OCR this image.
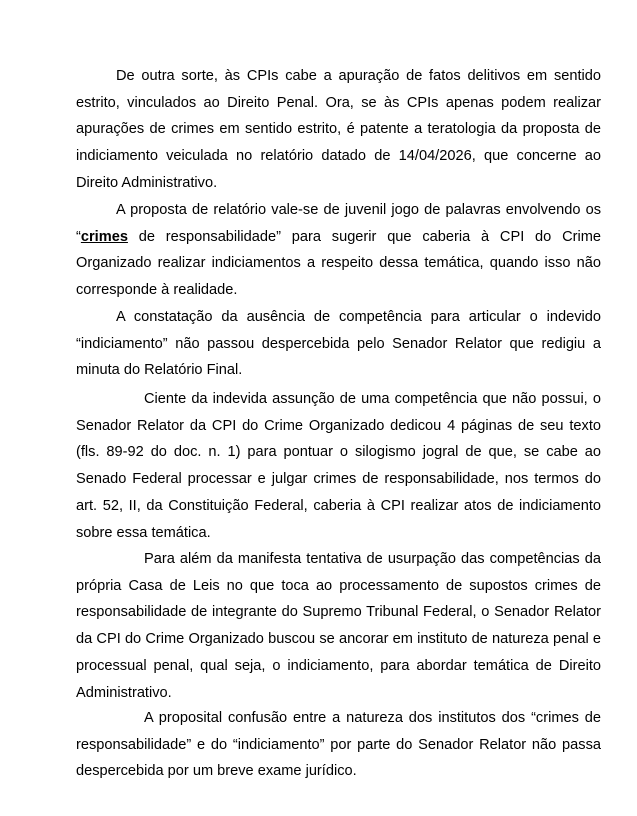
De outra sorte, às CPIs cabe a apuração de fatos delitivos em sentido estrito, vinculados ao Direito Penal. Ora, se às CPIs apenas podem realizar apurações de crimes em sentido estrito, é patente a teratologia da proposta de indiciamento veiculada no relatório datado de 14/04/2026, que concerne ao Direito Administrativo.

A proposta de relatório vale-se de juvenil jogo de palavras envolvendo os “crimes de responsabilidade” para sugerir que caberia à CPI do Crime Organizado realizar indiciamentos a respeito dessa temática, quando isso não corresponde à realidade.

A constatação da ausência de competência para articular o indevido “indiciamento” não passou despercebida pelo Senador Relator que redigiu a minuta do Relatório Final.

Ciente da indevida assunção de uma competência que não possui, o Senador Relator da CPI do Crime Organizado dedicou 4 páginas de seu texto (fls. 89-92 do doc. n. 1) para pontuar o silogismo jogral de que, se cabe ao Senado Federal processar e julgar crimes de responsabilidade, nos termos do art. 52, II, da Constituição Federal, caberia à CPI realizar atos de indiciamento sobre essa temática.

Para além da manifesta tentativa de usurpação das competências da própria Casa de Leis no que toca ao processamento de supostos crimes de responsabilidade de integrante do Supremo Tribunal Federal, o Senador Relator da CPI do Crime Organizado buscou se ancorar em instituto de natureza penal e processual penal, qual seja, o indiciamento, para abordar temática de Direito Administrativo.

A proposital confusão entre a natureza dos institutos dos “crimes de responsabilidade” e do “indiciamento” por parte do Senador Relator não passa despercebida por um breve exame jurídico.
